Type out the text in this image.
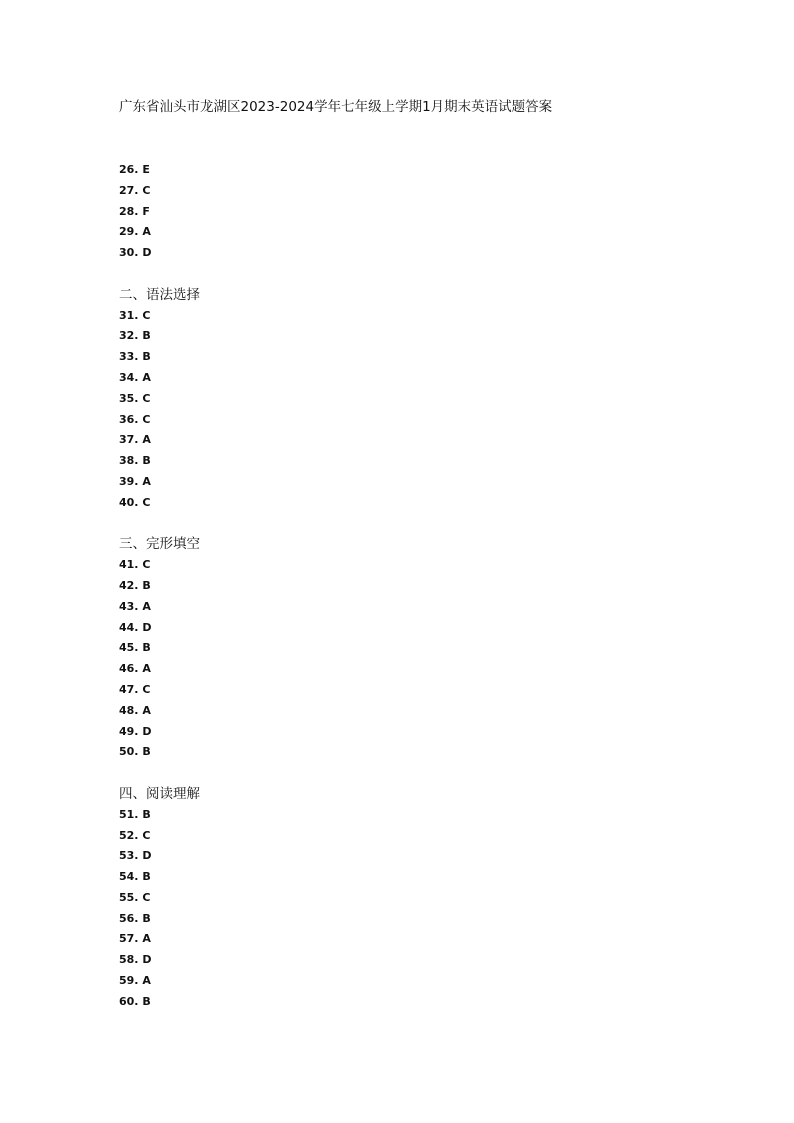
广东省汕头市龙湖区2023-2024学年七年级上学期1月期末英语试题答案
26. E
27. C
28. F
29. A
30. D
二、语法选择
31. C
32. B
33. B
34. A
35. C
36. C
37. A
38. B
39. A
40. C
三、完形填空
41. C
42. B
43. A
44. D
45. B
46. A
47. C
48. A
49. D
50. B
四、阅读理解
51. B
52. C
53. D
54. B
55. C
56. B
57. A
58. D
59. A
60. B
